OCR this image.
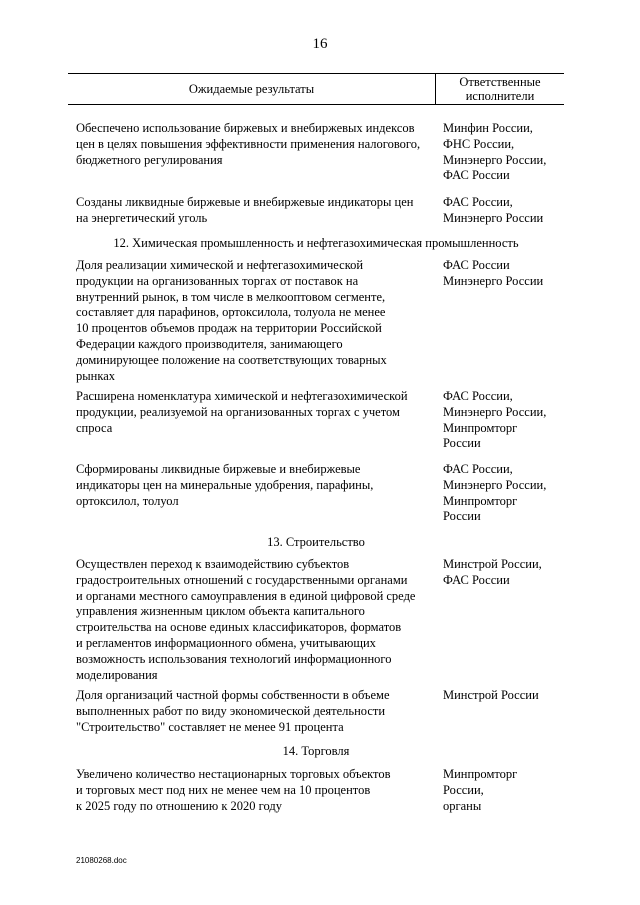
16
Ожидаемые результаты	Ответственные
исполнители
Обеспечено использование биржевых и внебиржевых индексов
цен в целях повышения эффективности применения налогового,
бюджетного регулирования
Минфин России,
ФНС России,
Минэнерго России,
ФАС России
Созданы ликвидные биржевые и внебиржевые индикаторы цен
на энергетический уголь
ФАС России,
Минэнерго России
12. Химическая промышленность и нефтегазохимическая промышленность
Доля реализации химической и нефтегазохимической
продукции на организованных торгах от поставок на
внутренний рынок, в том числе в мелкооптовом сегменте,
составляет для парафинов, ортоксилола, толуола не менее
10 процентов объемов продаж на территории Российской
Федерации каждого производителя, занимающего
доминирующее положение на соответствующих товарных
рынках
ФАС России
Минэнерго России
Расширена номенклатура химической и нефтегазохимической
продукции, реализуемой на организованных торгах с учетом
спроса
ФАС России,
Минэнерго России,
Минпромторг
России
Сформированы ликвидные биржевые и внебиржевые
индикаторы цен на минеральные удобрения, парафины,
ортоксилол, толуол
ФАС России,
Минэнерго России,
Минпромторг
России
13. Строительство
Осуществлен переход к взаимодействию субъектов
градостроительных отношений с государственными органами
и органами местного самоуправления в единой цифровой среде
управления жизненным циклом объекта капитального
строительства на основе единых классификаторов, форматов
и регламентов информационного обмена, учитывающих
возможность использования технологий информационного
моделирования
Минстрой России,
ФАС России
Доля организаций частной формы собственности в объеме
выполненных работ по виду экономической деятельности
"Строительство" составляет не менее 91 процента
Минстрой России
14. Торговля
Увеличено количество нестационарных торговых объектов
и торговых мест под них не менее чем на 10 процентов
к 2025 году по отношению к 2020 году
Минпромторг
России,
органы
21080268.doc
